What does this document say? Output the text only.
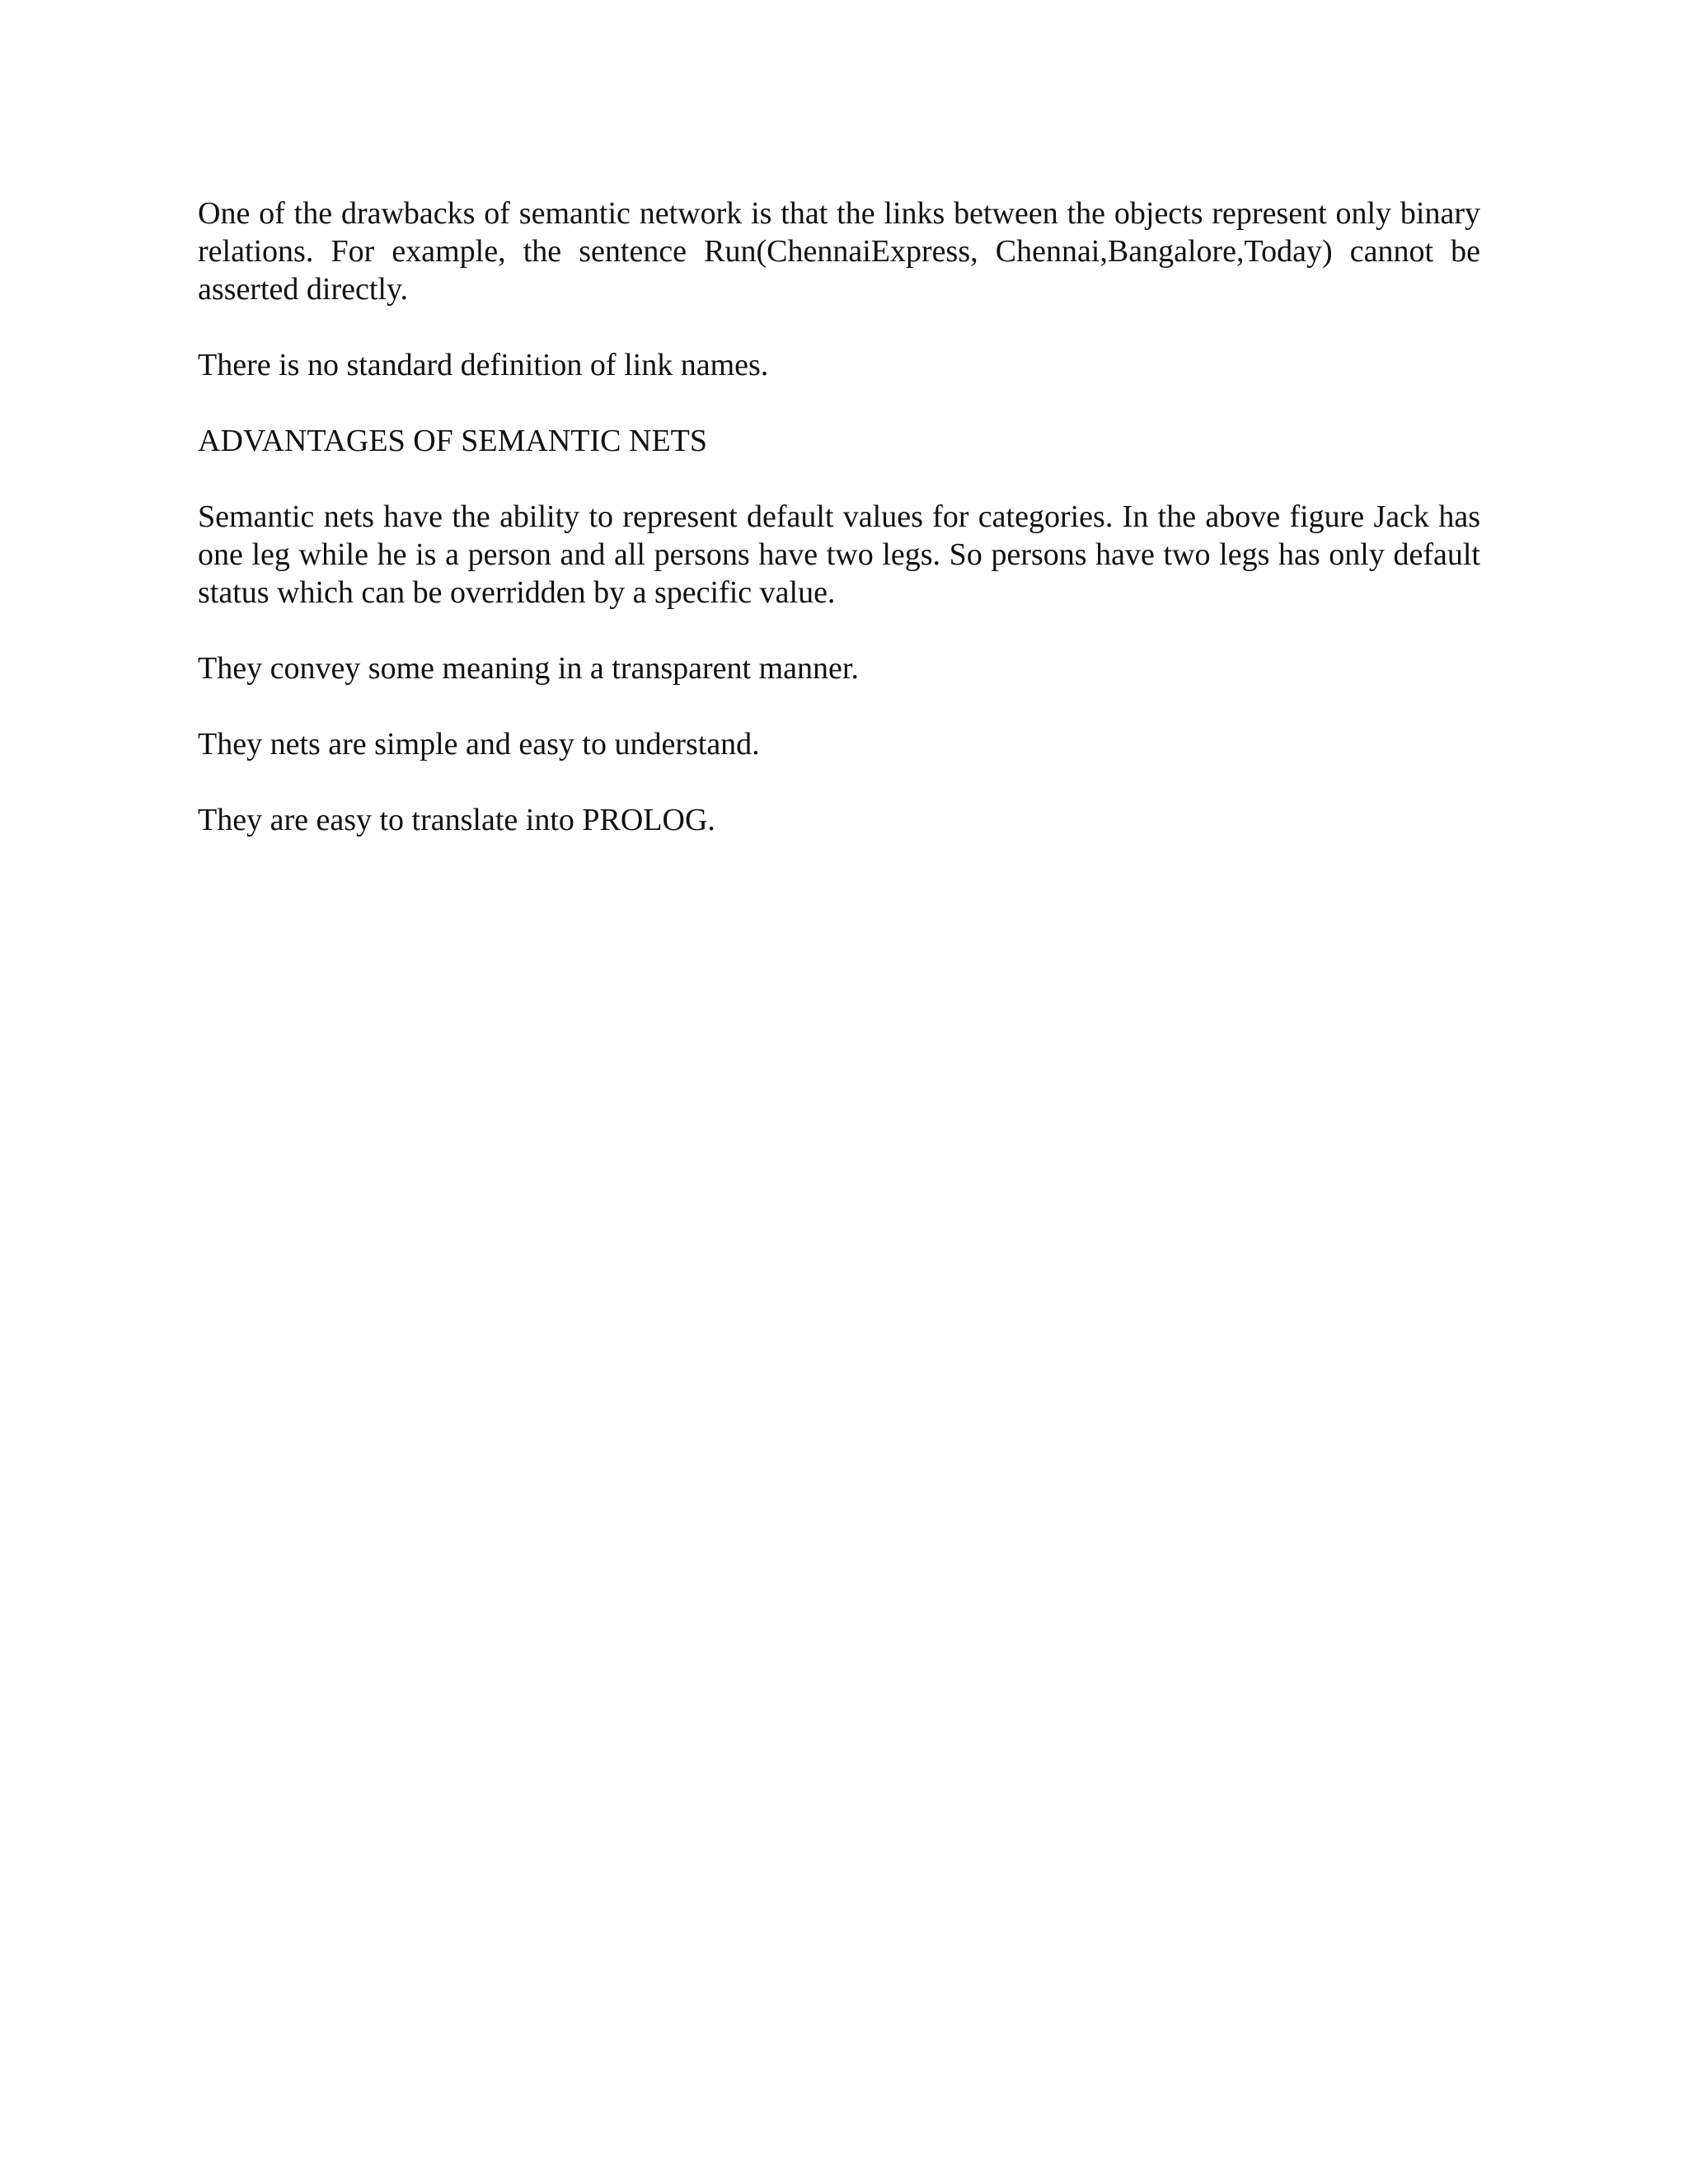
One of the drawbacks of semantic network is that the links between the objects represent only binary relations. For example, the sentence Run(ChennaiExpress, Chennai,Bangalore,Today) cannot be asserted directly.

There is no standard definition of link names.

ADVANTAGES OF SEMANTIC NETS

Semantic nets have the ability to represent default values for categories. In the above figure Jack has one leg while he is a person and all persons have two legs. So persons have two legs has only default status which can be overridden by a specific value.

They convey some meaning in a transparent manner.

They nets are simple and easy to understand.

They are easy to translate into PROLOG.
